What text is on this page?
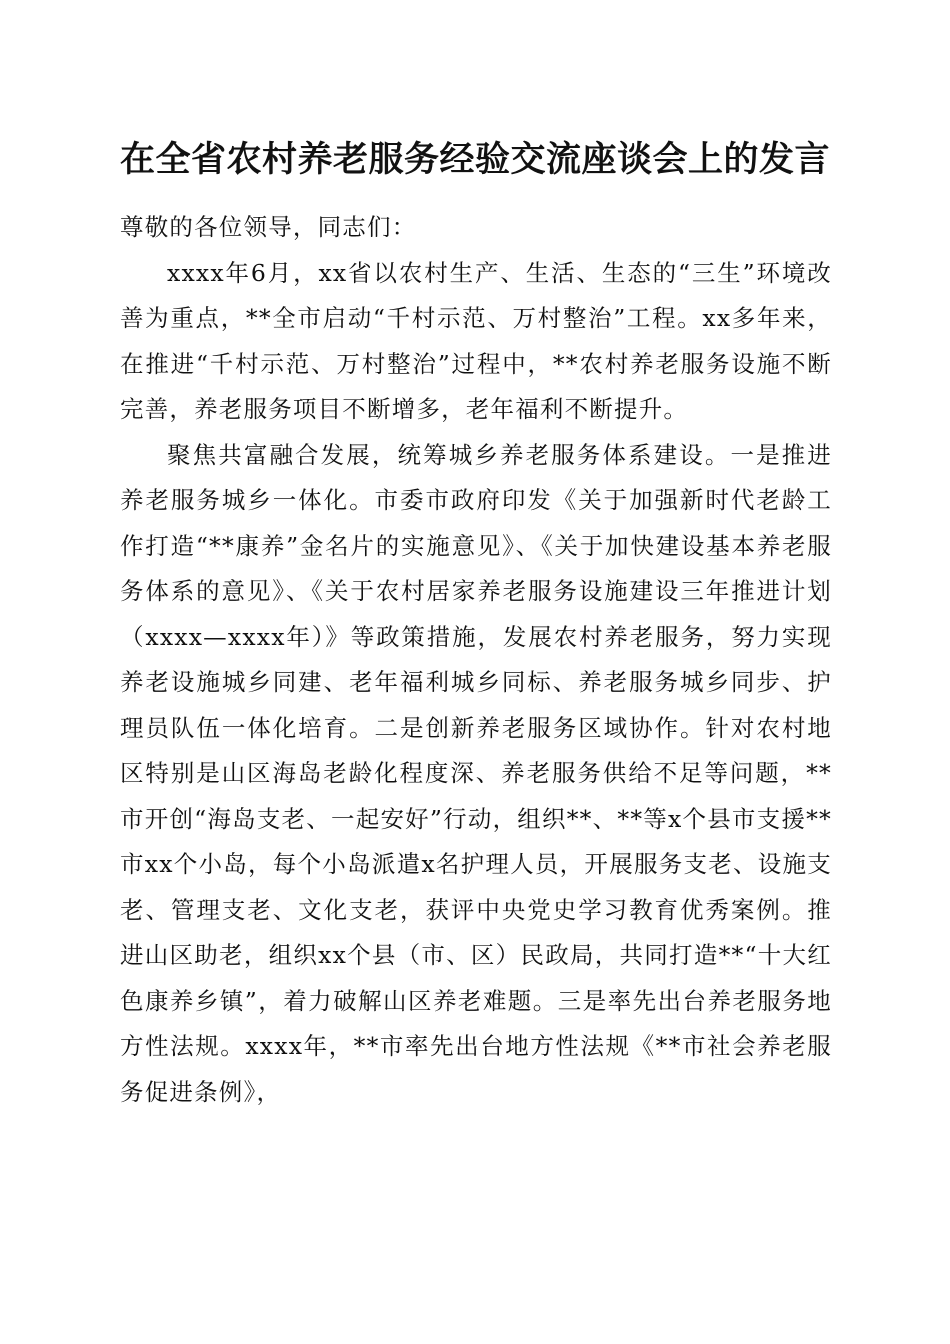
在全省农村养老服务经验交流座谈会上的发言

尊敬的各位领导，同志们：

xxxx年6月，xx省以农村生产、生活、生态的“三生”环境改善为重点，**全市启动“千村示范、万村整治”工程。xx多年来，在推进“千村示范、万村整治”过程中，**农村养老服务设施不断完善，养老服务项目不断增多，老年福利不断提升。

聚焦共富融合发展，统筹城乡养老服务体系建设。一是推进养老服务城乡一体化。市委市政府印发《关于加强新时代老龄工作打造“**康养”金名片的实施意见》、《关于加快建设基本养老服务体系的意见》、《关于农村居家养老服务设施建设三年推进计划（xxxx—xxxx年）》等政策措施，发展农村养老服务，努力实现养老设施城乡同建、老年福利城乡同标、养老服务城乡同步、护理员队伍一体化培育。二是创新养老服务区域协作。针对农村地区特别是山区海岛老龄化程度深、养老服务供给不足等问题，**市开创“海岛支老、一起安好”行动，组织**、**等x个县市支援**市xx个小岛，每个小岛派遣x名护理人员，开展服务支老、设施支老、管理支老、文化支老，获评中央党史学习教育优秀案例。推进山区助老，组织xx个县（市、区）民政局，共同打造**“十大红色康养乡镇”，着力破解山区养老难题。三是率先出台养老服务地方性法规。xxxx年，**市率先出台地方性法规《**市社会养老服务促进条例》，
